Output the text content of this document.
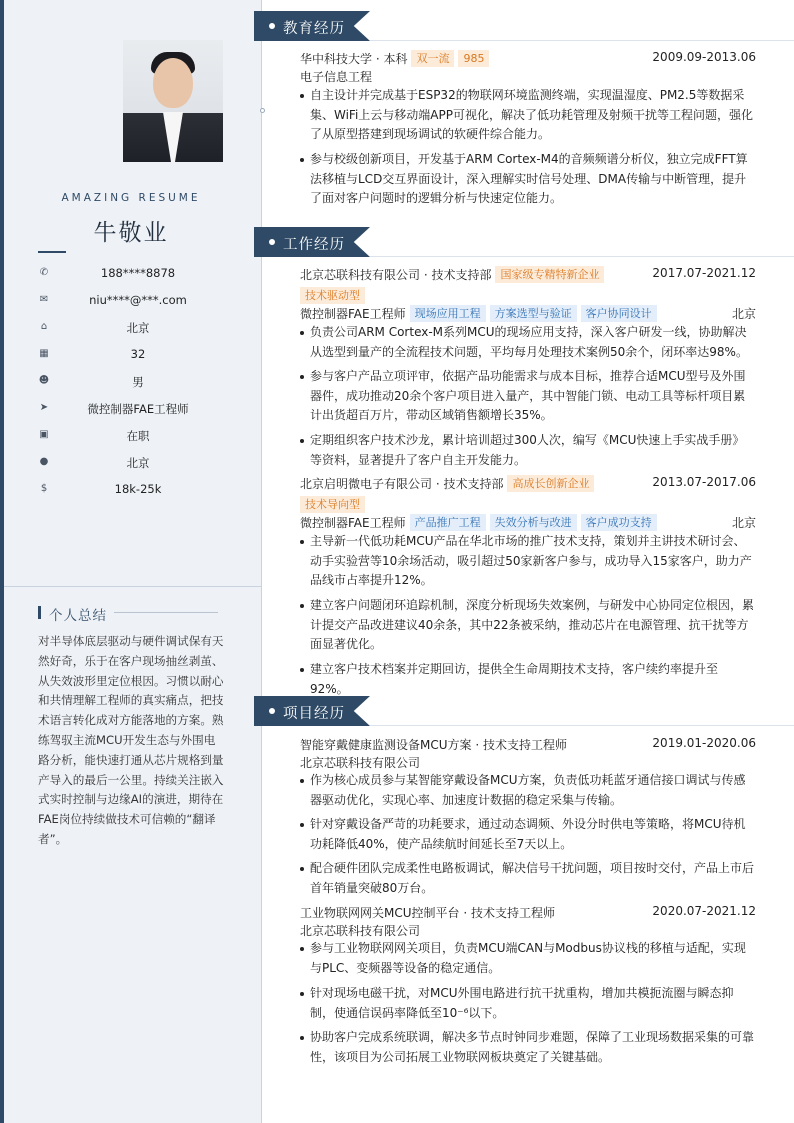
AMAZING RESUME
牛敬业
✆	188****8878
✉	niu****@***.com
⌂	北京
▦	32
☻	男
➤	微控制器FAE工程师
▣	在职
●	北京
$	18k-25k
个人总结
对半导体底层驱动与硬件调试保有天然好奇，乐于在客户现场抽丝剥茧、从失效波形里定位根因。习惯以耐心和共情理解工程师的真实痛点，把技术语言转化成对方能落地的方案。熟练驾驭主流MCU开发生态与外围电路分析，能快速打通从芯片规格到量产导入的最后一公里。持续关注嵌入式实时控制与边缘AI的演进，期待在FAE岗位持续做技术可信赖的“翻译者”。
教育经历
华中科技大学 · 本科 双一流 985	2009.09-2013.06
电子信息工程
自主设计并完成基于ESP32的物联网环境监测终端，实现温湿度、PM2.5等数据采集、WiFi上云与移动端APP可视化，解决了低功耗管理及射频干扰等工程问题，强化了从原型搭建到现场调试的软硬件综合能力。
参与校级创新项目，开发基于ARM Cortex-M4的音频频谱分析仪，独立完成FFT算法移植与LCD交互界面设计，深入理解实时信号处理、DMA传输与中断管理，提升了面对客户问题时的逻辑分析与快速定位能力。
工作经历
北京芯联科技有限公司 · 技术支持部 国家级专精特新企业	2017.07-2021.12
技术驱动型
微控制器FAE工程师 现场应用工程 方案选型与验证 客户协同设计	北京
负责公司ARM Cortex-M系列MCU的现场应用支持，深入客户研发一线，协助解决从选型到量产的全流程技术问题，平均每月处理技术案例50余个，闭环率达98%。
参与客户产品立项评审，依据产品功能需求与成本目标，推荐合适MCU型号及外围器件，成功推动20余个客户项目进入量产，其中智能门锁、电动工具等标杆项目累计出货超百万片，带动区域销售额增长35%。
定期组织客户技术沙龙，累计培训超过300人次，编写《MCU快速上手实战手册》等资料，显著提升了客户自主开发能力。
北京启明微电子有限公司 · 技术支持部 高成长创新企业	2013.07-2017.06
技术导向型
微控制器FAE工程师 产品推广工程 失效分析与改进 客户成功支持	北京
主导新一代低功耗MCU产品在华北市场的推广技术支持，策划并主讲技术研讨会、动手实验营等10余场活动，吸引超过50家新客户参与，成功导入15家客户，助力产品线市占率提升12%。
建立客户问题闭环追踪机制，深度分析现场失效案例，与研发中心协同定位根因，累计提交产品改进建议40余条，其中22条被采纳，推动芯片在电源管理、抗干扰等方面显著优化。
建立客户技术档案并定期回访，提供全生命周期技术支持，客户续约率提升至92%。
项目经历
智能穿戴健康监测设备MCU方案 · 技术支持工程师	2019.01-2020.06
北京芯联科技有限公司
作为核心成员参与某智能穿戴设备MCU方案，负责低功耗蓝牙通信接口调试与传感器驱动优化，实现心率、加速度计数据的稳定采集与传输。
针对穿戴设备严苛的功耗要求，通过动态调频、外设分时供电等策略，将MCU待机功耗降低40%，使产品续航时间延长至7天以上。
配合硬件团队完成柔性电路板调试，解决信号干扰问题，项目按时交付，产品上市后首年销量突破80万台。
工业物联网网关MCU控制平台 · 技术支持工程师	2020.07-2021.12
北京芯联科技有限公司
参与工业物联网网关项目，负责MCU端CAN与Modbus协议栈的移植与适配，实现与PLC、变频器等设备的稳定通信。
针对现场电磁干扰，对MCU外围电路进行抗干扰重构，增加共模扼流圈与瞬态抑制，使通信误码率降低至10⁻⁶以下。
协助客户完成系统联调，解决多节点时钟同步难题，保障了工业现场数据采集的可靠性，该项目为公司拓展工业物联网板块奠定了关键基础。
